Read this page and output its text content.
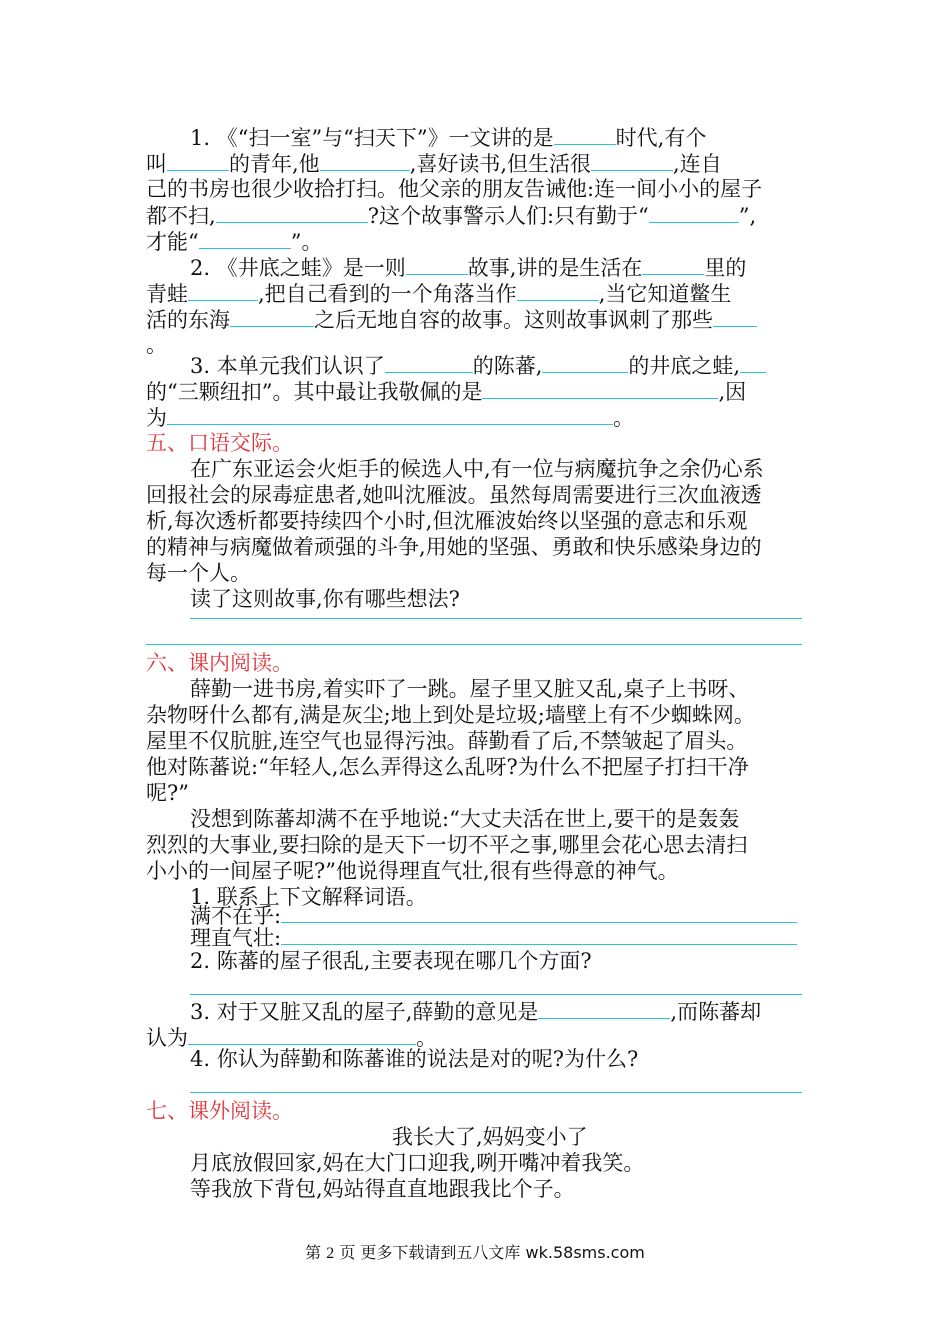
1. 《“扫一室”与“扫天下”》一文讲的是	时代,有个
叫	的青年,他	,喜好读书,但生活很	,连自
己的书房也很少收拾打扫。他父亲的朋友告诫他:连一间小小的屋子
都不扫,	?这个故事警示人们:只有勤于“	”,
才能“	”。
2. 《井底之蛙》是一则	故事,讲的是生活在	里的
青蛙	,把自己看到的一个角落当作	,当它知道鳖生
活的东海	之后无地自容的故事。这则故事讽刺了那些
。
3. 本单元我们认识了	的陈蕃,	的井底之蛙,
的“三颗纽扣”。其中最让我敬佩的是	,因
为	。
五、口语交际。
在广东亚运会火炬手的候选人中,有一位与病魔抗争之余仍心系
回报社会的尿毒症患者,她叫沈雁波。虽然每周需要进行三次血液透
析,每次透析都要持续四个小时,但沈雁波始终以坚强的意志和乐观
的精神与病魔做着顽强的斗争,用她的坚强、勇敢和快乐感染身边的
每一个人。
读了这则故事,你有哪些想法?
六、课内阅读。
薛勤一进书房,着实吓了一跳。屋子里又脏又乱,桌子上书呀、
杂物呀什么都有,满是灰尘;地上到处是垃圾;墙壁上有不少蜘蛛网。
屋里不仅肮脏,连空气也显得污浊。薛勤看了后,不禁皱起了眉头。
他对陈蕃说:“年轻人,怎么弄得这么乱呀?为什么不把屋子打扫干净
呢?”
没想到陈蕃却满不在乎地说:“大丈夫活在世上,要干的是轰轰
烈烈的大事业,要扫除的是天下一切不平之事,哪里会花心思去清扫
小小的一间屋子呢?”他说得理直气壮,很有些得意的神气。
1. 联系上下文解释词语。
满不在乎:
理直气壮:
2. 陈蕃的屋子很乱,主要表现在哪几个方面?
3. 对于又脏又乱的屋子,薛勤的意见是	,而陈蕃却
认为	。
4. 你认为薛勤和陈蕃谁的说法是对的呢?为什么?
七、课外阅读。
我长大了,妈妈变小了
月底放假回家,妈在大门口迎我,咧开嘴冲着我笑。
等我放下背包,妈站得直直地跟我比个子。
第 2 页 更多下载请到五八文库 wk.58sms.com
